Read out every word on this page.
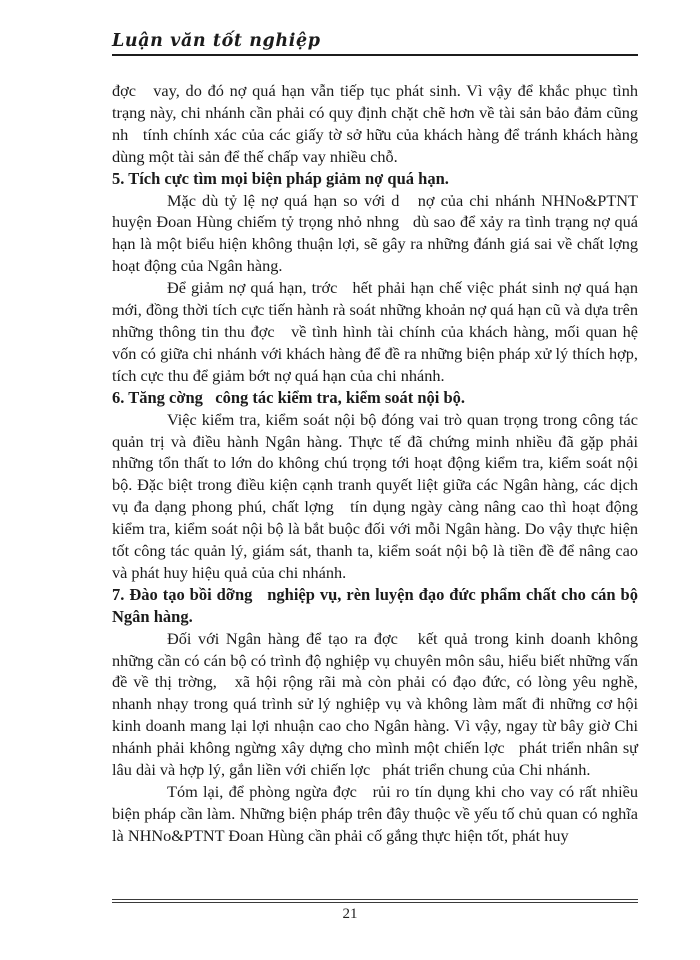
Luận văn tốt nghiệp

đợc   vay, do đó nợ quá hạn vẫn tiếp tục phát sinh. Vì vậy để khắc phục tình trạng này, chi nhánh cần phải có quy định chặt chẽ hơn về tài sản bảo đảm cũng nh   tính chính xác của các giấy tờ sở hữu của khách hàng để tránh khách hàng dùng một tài sản để thế chấp vay nhiều chỗ.

5. Tích cực tìm mọi biện pháp giảm nợ quá hạn.

Mặc dù tỷ lệ nợ quá hạn so với d   nợ của chi nhánh NHNo&PTNT huyện Đoan Hùng chiếm tỷ trọng nhỏ nhng   dù sao để xảy ra tình trạng nợ quá hạn là một biểu hiện không thuận lợi, sẽ gây ra những đánh giá sai về chất lợng   hoạt động của Ngân hàng.

Để giảm nợ quá hạn, trớc   hết phải hạn chế việc phát sinh nợ quá hạn mới, đồng thời tích cực tiến hành rà soát những khoản nợ quá hạn cũ và dựa trên những thông tin thu đợc   về tình hình tài chính của khách hàng, mối quan hệ vốn có giữa chi nhánh với khách hàng để đề ra những biện pháp xử lý thích hợp, tích cực thu để giảm bớt nợ quá hạn của chi nhánh.

6. Tăng cờng   công tác kiểm tra, kiểm soát nội bộ.

Việc kiểm tra, kiểm soát nội bộ đóng vai trò quan trọng trong công tác quản trị và điều hành Ngân hàng. Thực tế đã chứng minh nhiều đã gặp phải những tổn thất to lớn do không chú trọng tới hoạt động kiểm tra, kiểm soát nội bộ. Đặc biệt trong điều kiện cạnh tranh quyết liệt giữa các Ngân hàng, các dịch vụ đa dạng phong phú, chất lợng   tín dụng ngày càng nâng cao thì hoạt động kiểm tra, kiểm soát nội bộ là bắt buộc đối với mỗi Ngân hàng. Do vậy thực hiện tốt công tác quản lý, giám sát, thanh ta, kiểm soát nội bộ là tiền đề để nâng cao và phát huy hiệu quả của chi nhánh.

7. Đào tạo bồi dỡng   nghiệp vụ, rèn luyện đạo đức phẩm chất cho cán bộ Ngân hàng.

Đối với Ngân hàng để tạo ra đợc   kết quả trong kinh doanh không những cần có cán bộ có trình độ nghiệp vụ chuyên môn sâu, hiểu biết những vấn đề về thị trờng,   xã hội rộng rãi mà còn phải có đạo đức, có lòng yêu nghề, nhanh nhạy trong quá trình sử lý nghiệp vụ và không làm mất đi những cơ hội kinh doanh mang lại lợi nhuận cao cho Ngân hàng. Vì vậy, ngay từ bây giờ Chi nhánh phải không ngừng xây dựng cho mình một chiến lợc   phát triển nhân sự lâu dài và hợp lý, gắn liền với chiến lợc   phát triển chung của Chi nhánh.

Tóm lại, để phòng ngừa đợc   rủi ro tín dụng khi cho vay có rất nhiều biện pháp cần làm. Những biện pháp trên đây thuộc về yếu tố chủ quan có nghĩa là NHNo&PTNT Đoan Hùng cần phải cố gắng thực hiện tốt, phát huy

21
